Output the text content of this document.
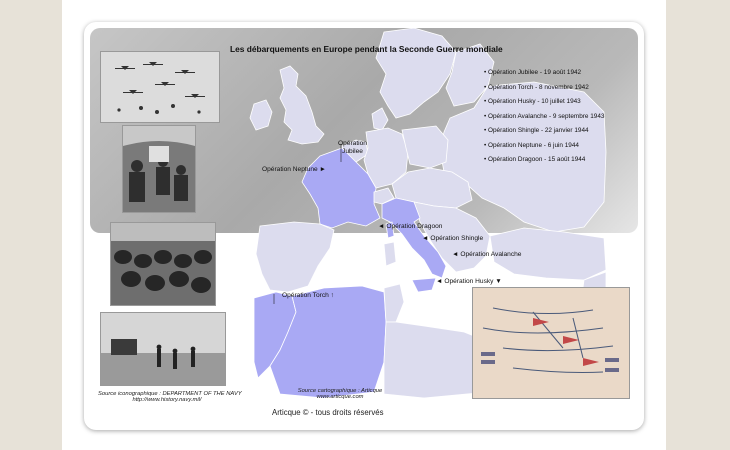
Les débarquements en Europe pendant la Seconde Guerre mondiale
• Opération Jubilee - 19 août 1942
• Opération Torch - 8 novembre 1942
• Opération Husky - 10 juillet 1943
• Opération Avalanche - 9 septembre 1943
• Opération Shingle - 22 janvier 1944
• Opération Neptune - 6 juin 1944
• Opération Dragoon - 15 août 1944
Opération
Jubilee
Opération Neptune ►
◄ Opération Dragoon
◄ Opération Shingle
◄ Opération Avalanche
◄ Opération Husky ▼
Opération Torch ↑
Source iconographique : DEPARTMENT OF THE NAVY
http://www.history.navy.mil/
Source cartographique : Articque
www.articque.com
Articque © - tous droits réservés
